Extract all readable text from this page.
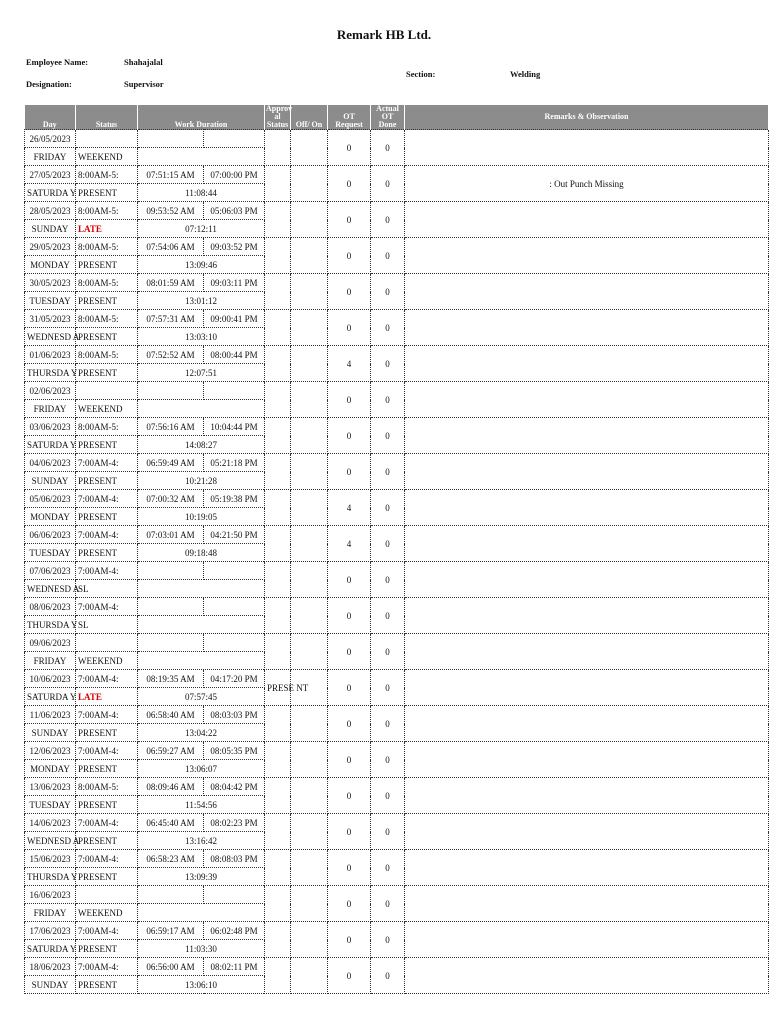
Remark HB Ltd.
Employee Name:	Shahajalal
Designation:	Supervisor
Section:	Welding
Day	Status	Work Duration		Approv al Status	Off/ On	OT Request	Actual OT Done	Remarks & Observation
26/05/2023						0	0	
FRIDAY	WEEKEND							
27/05/2023	8:00AM-5:	07:51:15 AM	07:00:00 PM			0	0	: Out Punch Missing
SATURDA Y	PRESENT	11:08:44						
28/05/2023	8:00AM-5:	09:53:52 AM	05:06:03 PM			0	0	
SUNDAY	LATE	07:12:11						
29/05/2023	8:00AM-5:	07:54:06 AM	09:03:52 PM			0	0	
MONDAY	PRESENT	13:09:46						
30/05/2023	8:00AM-5:	08:01:59 AM	09:03:11 PM			0	0	
TUESDAY	PRESENT	13:01:12						
31/05/2023	8:00AM-5:	07:57:31 AM	09:00:41 PM			0	0	
WEDNESD A	PRESENT	13:03:10						
01/06/2023	8:00AM-5:	07:52:52 AM	08:00:44 PM			4	0	
THURSDA Y	PRESENT	12:07:51						
02/06/2023						0	0	
FRIDAY	WEEKEND							
03/06/2023	8:00AM-5:	07:56:16 AM	10:04:44 PM			0	0	
SATURDA Y	PRESENT	14:08:27						
04/06/2023	7:00AM-4:	06:59:49 AM	05:21:18 PM			0	0	
SUNDAY	PRESENT	10:21:28						
05/06/2023	7:00AM-4:	07:00:32 AM	05:19:38 PM			4	0	
MONDAY	PRESENT	10:19:05						
06/06/2023	7:00AM-4:	07:03:01 AM	04:21:50 PM			4	0	
TUESDAY	PRESENT	09:18:48						
07/06/2023	7:00AM-4:					0	0	
WEDNESD A	SL							
08/06/2023	7:00AM-4:					0	0	
THURSDA Y	SL							
09/06/2023						0	0	
FRIDAY	WEEKEND							
10/06/2023	7:00AM-4:	08:19:35 AM	04:17:20 PM	PRESE NT		0	0	
SATURDA Y	LATE	07:57:45						
11/06/2023	7:00AM-4:	06:58:40 AM	08:03:03 PM			0	0	
SUNDAY	PRESENT	13:04:22						
12/06/2023	7:00AM-4:	06:59:27 AM	08:05:35 PM			0	0	
MONDAY	PRESENT	13:06:07						
13/06/2023	8:00AM-5:	08:09:46 AM	08:04:42 PM			0	0	
TUESDAY	PRESENT	11:54:56						
14/06/2023	7:00AM-4:	06:45:40 AM	08:02:23 PM			0	0	
WEDNESD A	PRESENT	13:16:42						
15/06/2023	7:00AM-4:	06:58:23 AM	08:08:03 PM			0	0	
THURSDA Y	PRESENT	13:09:39						
16/06/2023						0	0	
FRIDAY	WEEKEND							
17/06/2023	7:00AM-4:	06:59:17 AM	06:02:48 PM			0	0	
SATURDA Y	PRESENT	11:03:30						
18/06/2023	7:00AM-4:	06:56:00 AM	08:02:11 PM			0	0	
SUNDAY	PRESENT	13:06:10						
